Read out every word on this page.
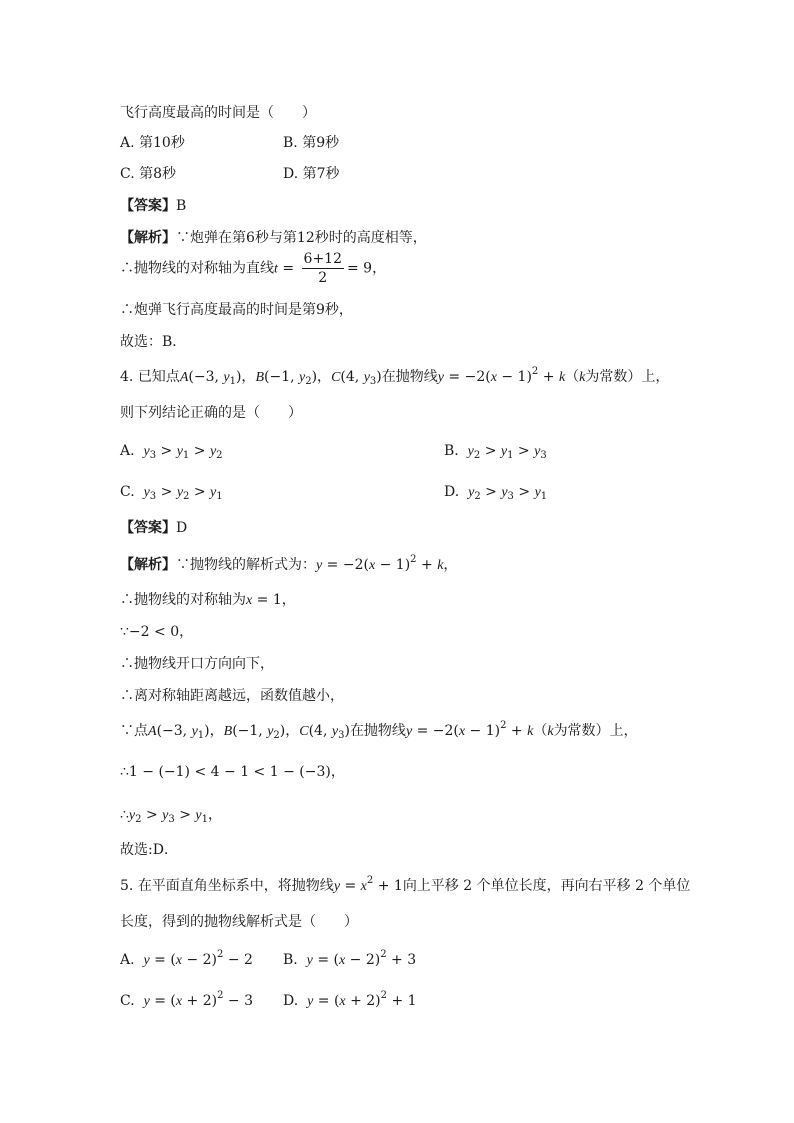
飞行高度最高的时间是（　　）
A. 第10秒	B. 第9秒
C. 第8秒	D. 第7秒
【答案】B
【解析】∵炮弹在第6秒与第12秒时的高度相等，
∴抛物线的对称轴为直线$t = \frac{6+12}{2} = 9$，
∴炮弹飞行高度最高的时间是第9秒，
故选：B．
4. 已知点A(−3, $y_1$)，B(−1, $y_2$)，C(4, $y_3$)在抛物线$y = -2(x - 1)^2 + k(k$为常数）上，
则下列结论正确的是（　　）
A. $y_3 > y_1 > y_2$	B. $y_2 > y_1 > y_3$
C. $y_3 > y_2 > y_1$	D. $y_2 > y_3 > y_1$
【答案】D
【解析】∵抛物线的解析式为：$y = -2(x - 1)^2 + k$，
∴抛物线的对称轴为x = 1，
∵−2 < 0，
∴抛物线开口方向向下，
∴离对称轴距离越远，函数值越小，
∵点A(−3, $y_1$)，B(−1, $y_2$)，C(4, $y_3$)在抛物线$y = -2(x - 1)^2 + k(k$为常数）上，
∴1 − (−1) < 4 − 1 < 1 − (−3)，
$\therefore y_2 > y_3 > y_1$，
故选:D．
5. 在平面直角坐标系中，将抛物线$y = x^2 + 1$向上平移 2 个单位长度，再向右平移 2 个单位
长度，得到的抛物线解析式是（　　）
A. $y = (x - 2)^2 - 2$ B. $y = (x - 2)^2 + 3$
C. $y = (x + 2)^2 - 3$ D. $y = (x + 2)^2 + 1$
